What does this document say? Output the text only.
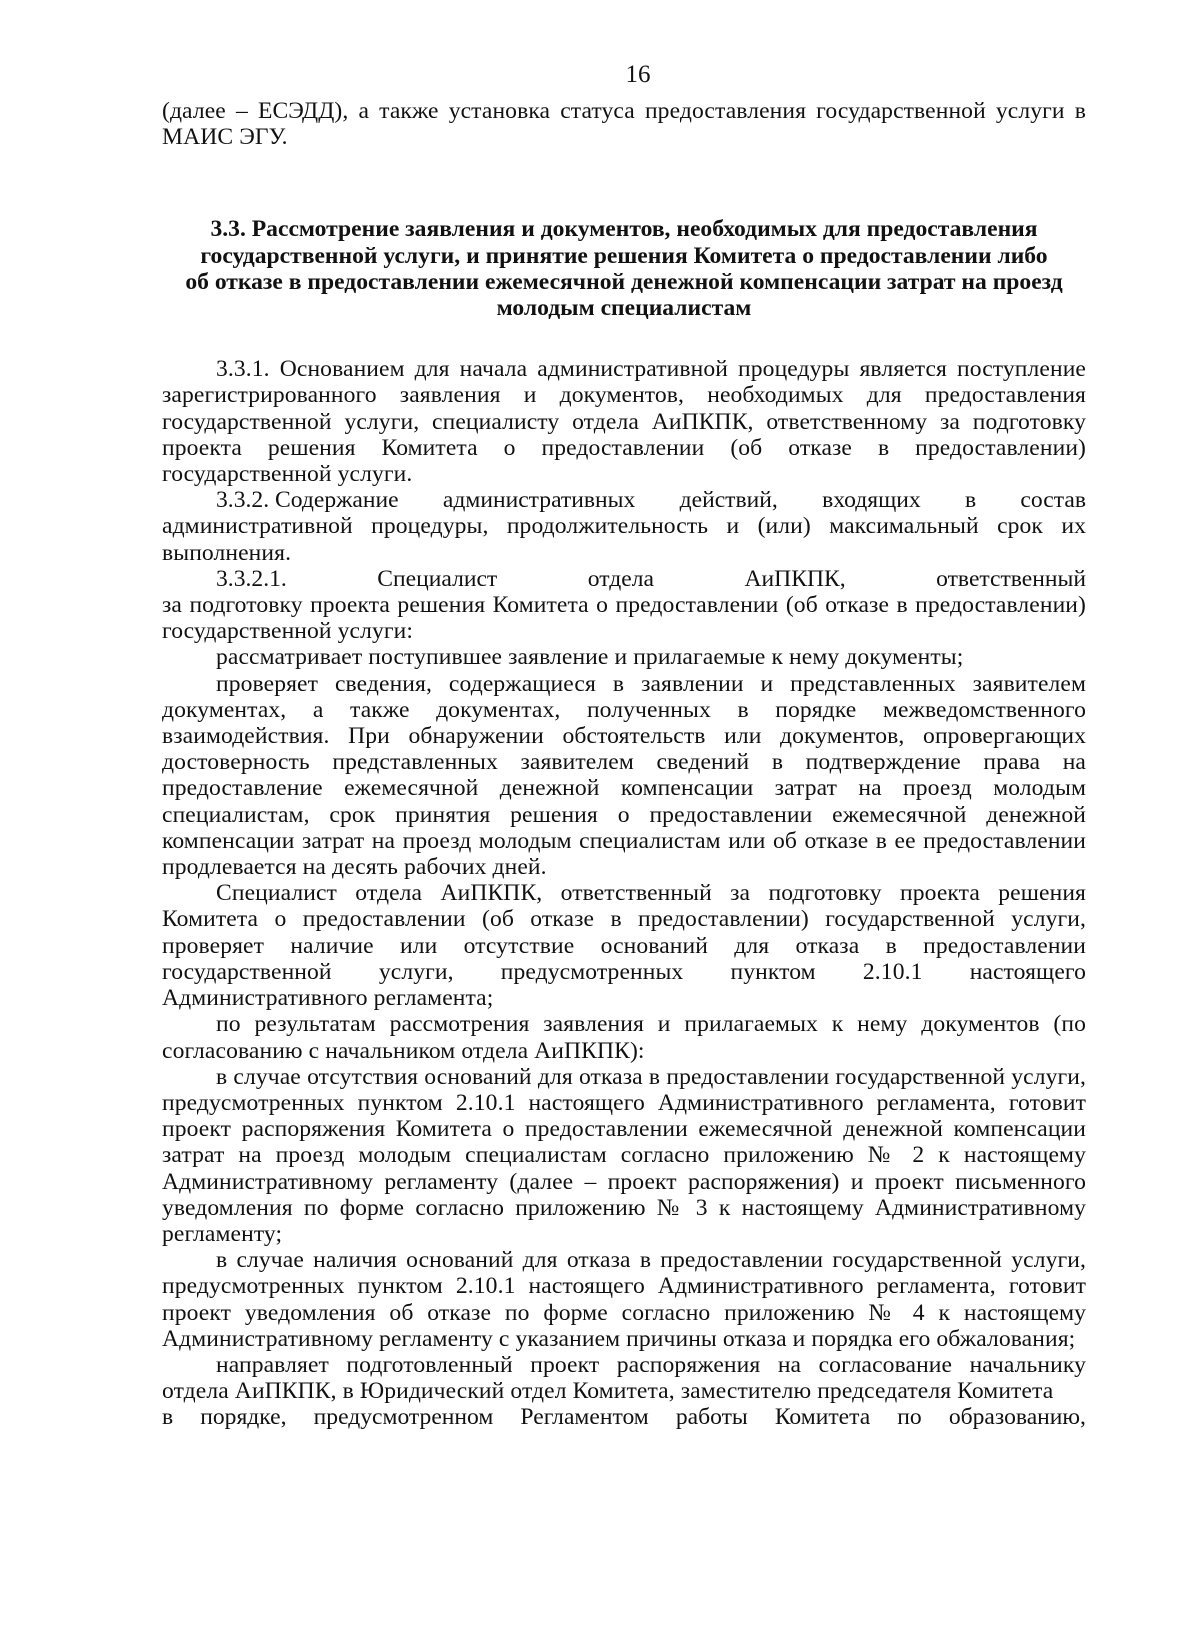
16

(далее – ЕСЭДД), а также установка статуса предоставления государственной услуги в МАИС ЭГУ.

3.3. Рассмотрение заявления и документов, необходимых для предоставления
государственной услуги, и принятие решения Комитета о предоставлении либо
об отказе в предоставлении ежемесячной денежной компенсации затрат на проезд
молодым специалистам

3.3.1. Основанием для начала административной процедуры является поступление зарегистрированного заявления и документов, необходимых для предоставления государственной услуги, специалисту отдела АиПКПК, ответственному за подготовку проекта решения Комитета о предоставлении (об отказе в предоставлении) государственной услуги.

3.3.2. Содержание административных действий, входящих в состав

административной процедуры, продолжительность и (или) максимальный срок их выполнения.

3.3.2.1.	Специалист	отдела	АиПКПК,	ответственный

за подготовку проекта решения Комитета о предоставлении (об отказе в предоставлении) государственной услуги:

рассматривает поступившее заявление и прилагаемые к нему документы;

проверяет сведения, содержащиеся в заявлении и представленных заявителем документах, а также документах, полученных в порядке межведомственного взаимодействия. При обнаружении обстоятельств или документов, опровергающих достоверность представленных заявителем сведений в подтверждение права на предоставление ежемесячной денежной компенсации затрат на проезд молодым специалистам, срок принятия решения о предоставлении ежемесячной денежной компенсации затрат на проезд молодым специалистам или об отказе в ее предоставлении продлевается на десять рабочих дней.

Специалист отдела АиПКПК, ответственный за подготовку проекта решения Комитета о предоставлении (об отказе в предоставлении) государственной услуги, проверяет наличие или отсутствие оснований для отказа в предоставлении государственной услуги, предусмотренных пунктом 2.10.1 настоящего Административного регламента;

по результатам рассмотрения заявления и прилагаемых к нему документов (по согласованию с начальником отдела АиПКПК):

в случае отсутствия оснований для отказа в предоставлении государственной услуги, предусмотренных пунктом 2.10.1 настоящего Административного регламента, готовит проект распоряжения Комитета о предоставлении ежемесячной денежной компенсации затрат на проезд молодым специалистам согласно приложению № 2 к настоящему Административному регламенту (далее – проект распоряжения) и проект письменного уведомления по форме согласно приложению № 3 к настоящему Административному регламенту;

в случае наличия оснований для отказа в предоставлении государственной услуги, предусмотренных пунктом 2.10.1 настоящего Административного регламента, готовит проект уведомления об отказе по форме согласно приложению № 4 к настоящему Административному регламенту с указанием причины отказа и порядка его обжалования;

направляет подготовленный проект распоряжения на согласование начальнику отдела АиПКПК, в Юридический отдел Комитета, заместителю председателя Комитета

в порядке, предусмотренном Регламентом работы Комитета по образованию,
